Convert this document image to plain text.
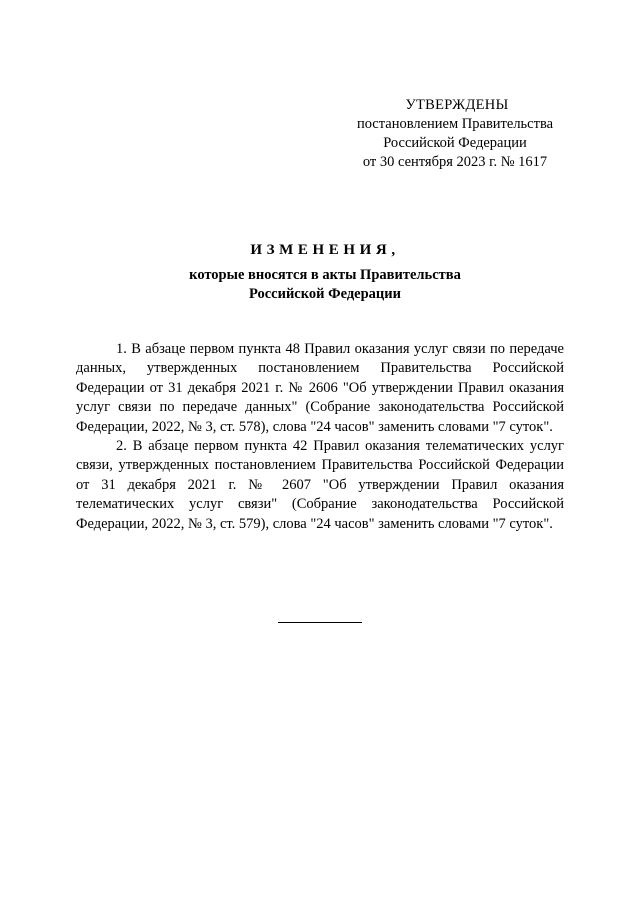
УТВЕРЖДЕНЫ
постановлением Правительства
Российской Федерации
от 30 сентября 2023 г. № 1617
ИЗМЕНЕНИЯ,
которые вносятся в акты Правительства
Российской Федерации

1. В абзаце первом пункта 48 Правил оказания услуг связи по передаче данных, утвержденных постановлением Правительства Российской Федерации от 31 декабря 2021 г. № 2606 "Об утверждении Правил оказания услуг связи по передаче данных" (Собрание законодательства Российской Федерации, 2022, № 3, ст. 578), слова "24 часов" заменить словами "7 суток".

2. В абзаце первом пункта 42 Правил оказания телематических услуг связи, утвержденных постановлением Правительства Российской Федерации от 31 декабря 2021 г. № 2607 "Об утверждении Правил оказания телематических услуг связи" (Собрание законодательства Российской Федерации, 2022, № 3, ст. 579), слова "24 часов" заменить словами "7 суток".
